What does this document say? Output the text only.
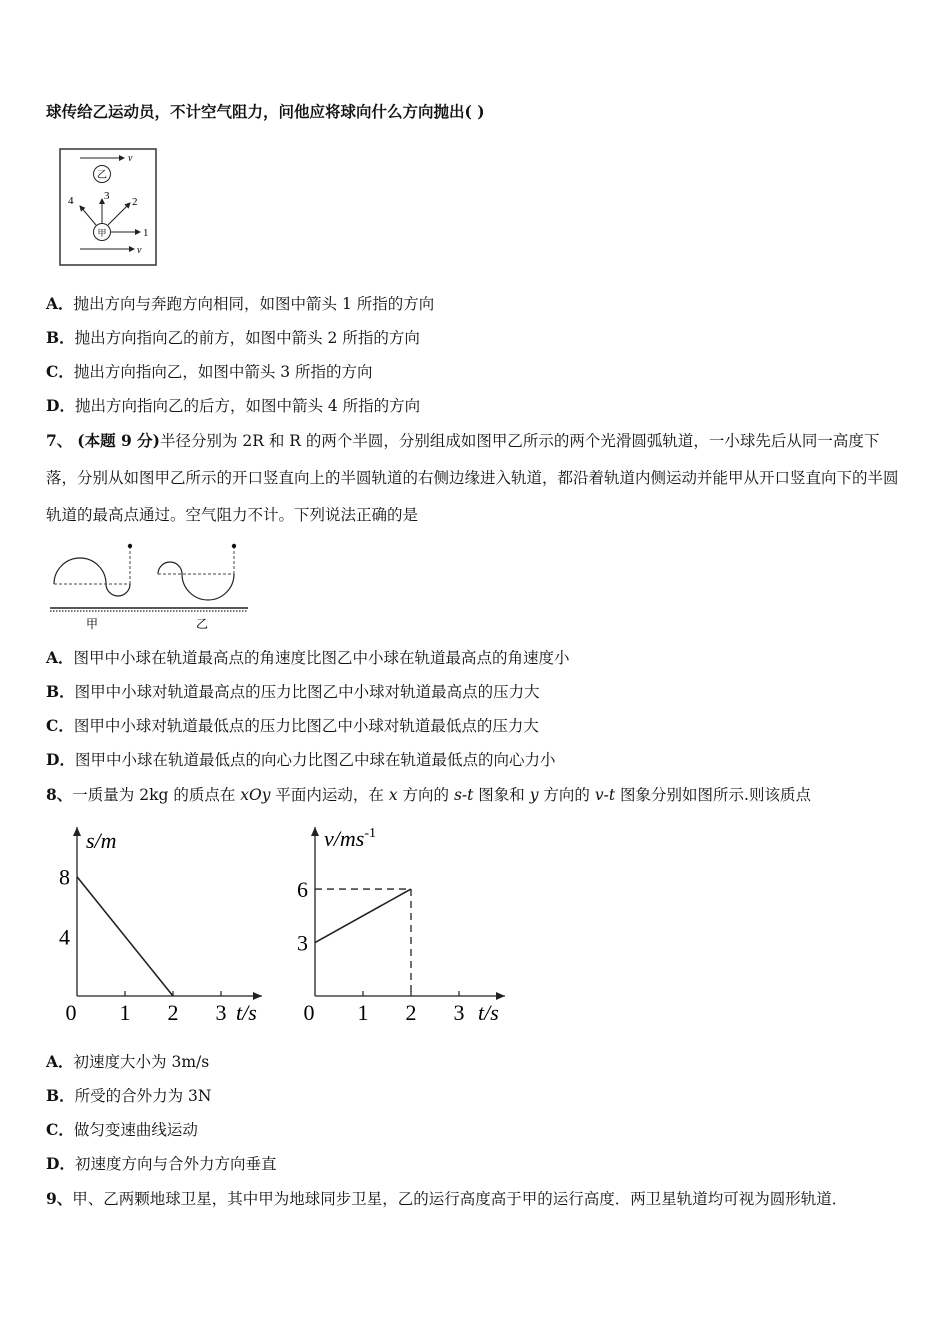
球传给乙运动员，不计空气阻力，问他应将球向什么方向抛出( )
v
乙
甲	1
2
3
4
v
A．抛出方向与奔跑方向相同，如图中箭头 1 所指的方向
B．抛出方向指向乙的前方，如图中箭头 2 所指的方向
C．抛出方向指向乙，如图中箭头 3 所指的方向
D．抛出方向指向乙的后方，如图中箭头 4 所指的方向
7、 (本题 9 分)半径分别为 2R 和 R 的两个半圆，分别组成如图甲乙所示的两个光滑圆弧轨道，一小球先后从同一高度下落，分别从如图甲乙所示的开口竖直向上的半圆轨道的右侧边缘进入轨道，都沿着轨道内侧运动并能甲从开口竖直向下的半圆轨道的最高点通过。空气阻力不计。下列说法正确的是
甲	乙
A．图甲中小球在轨道最高点的角速度比图乙中小球在轨道最高点的角速度小
B．图甲中小球对轨道最高点的压力比图乙中小球对轨道最高点的压力大
C．图甲中小球对轨道最低点的压力比图乙中小球对轨道最低点的压力大
D．图甲中小球在轨道最低点的向心力比图乙中球在轨道最低点的向心力小
8、一质量为 2kg 的质点在 xOy 平面内运动，在 x 方向的 s-t 图象和 y 方向的 v-t 图象分别如图所示.则该质点
s/m
t/s
0 1 2 3
4
8
$v/ms^{-1}$
t/s
0 1 2 3
3
6
A．初速度大小为 3m/s
B．所受的合外力为 3N
C．做匀变速曲线运动
D．初速度方向与合外力方向垂直
9、甲、乙两颗地球卫星，其中甲为地球同步卫星，乙的运行高度高于甲的运行高度．两卫星轨道均可视为圆形轨道．
